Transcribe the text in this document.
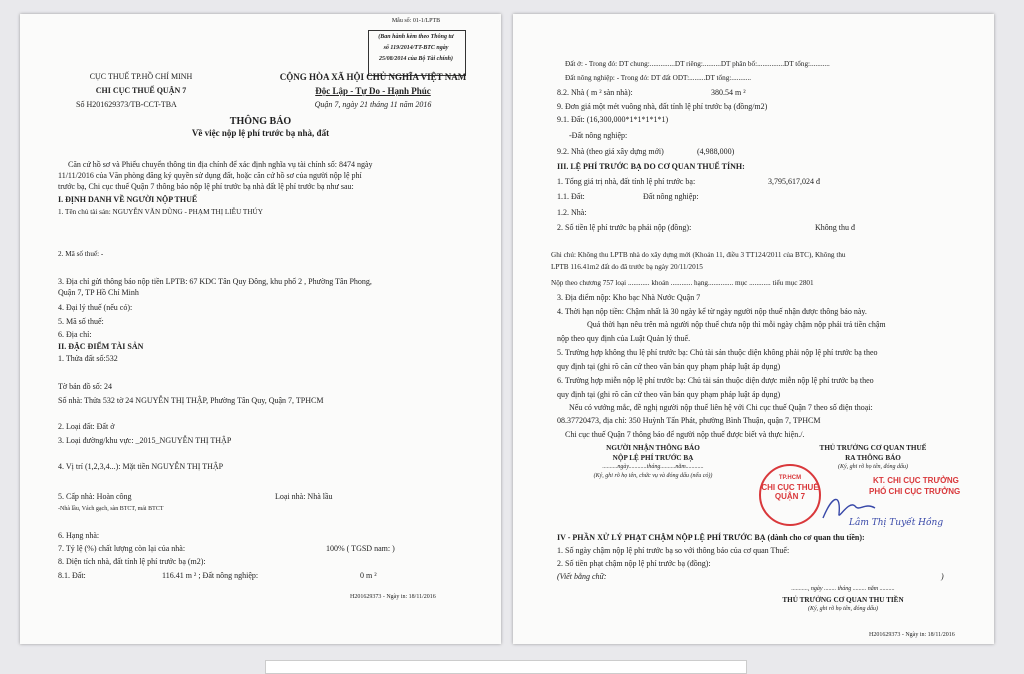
Mẫu số: 01-1/LPTB
(Ban hành kèm theo Thông tư
số 119/2014/TT-BTC ngày
25/08/2014 của Bộ Tài chính)
CỤC THUẾ TP.HỒ CHÍ MINH
CHI CỤC THUẾ QUẬN 7
Số H201629373/TB-CCT-TBA
CỘNG HÒA XÃ HỘI CHỦ NGHĨA VIỆT NAM
Độc Lập - Tự Do - Hạnh Phúc
Quận 7, ngày 21 tháng 11 năm 2016
THÔNG BÁO
Về việc nộp lệ phí trước bạ nhà, đất
Căn cứ hồ sơ và Phiếu chuyển thông tin địa chính để xác định nghĩa vụ tài chính số: 8474 ngày
11/11/2016 của Văn phòng đăng ký quyền sử dụng đất, hoặc căn cứ hồ sơ của người nộp lệ phí
trước bạ, Chi cục thuế Quận 7 thông báo nộp lệ phí trước bạ nhà đất lệ phí trước bạ như sau:
I. ĐỊNH DANH VỀ NGƯỜI NỘP THUẾ
1. Tên chủ tài sản: NGUYỄN VĂN DŨNG - PHẠM THỊ LIỄU THÚY
2. Mã số thuế: -
3. Địa chỉ gửi thông báo nộp tiền LPTB: 67 KDC Tân Quy Đông, khu phố 2 , Phường Tân Phong,
Quận 7, TP Hồ Chí Minh
4. Đại lý thuế (nếu có):
5. Mã số thuế:
6. Địa chỉ:
II. ĐẶC ĐIỂM TÀI SẢN
1. Thửa đất số:532
Tờ bản đồ số: 24
Số nhà: Thửa 532 tờ 24 NGUYỄN THỊ THẬP, Phường Tân Quy, Quận 7, TPHCM
2. Loại đất: Đất ở
3. Loại đường/khu vực: _2015_NGUYỄN THỊ THẬP
4. Vị trí (1,2,3,4...): Mặt tiền NGUYỄN THỊ THẬP
5. Cấp nhà: Hoàn công	Loại nhà: Nhà lầu
-Nhà lầu, Vách gạch, sàn BTCT, mái BTCT
6. Hạng nhà:
7. Tỷ lệ (%) chất lượng còn lại của nhà:	100% ( TGSD nam: )
8. Diện tích nhà, đất tính lệ phí trước bạ (m2):
8.1. Đất:	116.41 m ² ; Đất nông nghiệp:	0 m ²
H201629373 - Ngày in: 18/11/2016
Đất ở: - Trong đó: DT chung:..............DT riêng:..........DT phân bổ:...............DT tổng:...........
Đất nông nghiệp: - Trong đó: DT đất ODT:.........DT tổng:...........
8.2. Nhà ( m ² sàn nhà):	380.54 m ²
9. Đơn giá một mét vuông nhà, đất tính lệ phí trước bạ (đồng/m2)
9.1. Đất: (16,300,000*1*1*1*1*1)
-Đất nông nghiệp:
9.2. Nhà (theo giá xây dựng mới)	(4,988,000)
III. LỆ PHÍ TRƯỚC BẠ DO CƠ QUAN THUẾ TÍNH:
1. Tổng giá trị nhà, đất tính lệ phí trước bạ:	3,795,617,024 đ
1.1. Đất:	Đất nông nghiệp:
1.2. Nhà:
2. Số tiền lệ phí trước bạ phải nộp (đồng):	Không thu đ
Ghi chú: Không thu LPTB nhà do xây dựng mới (Khoản 11, điều 3 TT124/2011 của BTC), Không thu
LPTB 116.41m2 đất do đã trước bạ ngày 20/11/2015
Nộp theo chương 757 loại ............ khoản ............ hạng.............. mục ............ tiểu mục 2801
3. Địa điểm nộp: Kho bạc Nhà Nước Quận 7
4. Thời hạn nộp tiền: Chậm nhất là 30 ngày kể từ ngày người nộp thuế nhận được thông báo này.
Quá thời hạn nêu trên mà người nộp thuế chưa nộp thì mỗi ngày chậm nộp phải trả tiền chậm
nộp theo quy định của Luật Quản lý thuế.
5. Trường hợp không thu lệ phí trước bạ: Chủ tài sản thuộc diện không phải nộp lệ phí trước bạ theo
quy định tại (ghi rõ căn cứ theo văn bản quy phạm pháp luật áp dụng)
6. Trường hợp miễn nộp lệ phí trước bạ: Chủ tài sản thuộc diện được miễn nộp lệ phí trước bạ theo
quy định tại (ghi rõ căn cứ theo văn bản quy phạm pháp luật áp dụng)
Nếu có vướng mắc, đề nghị người nộp thuế liên hệ với Chi cục thuế Quận 7 theo số điện thoại:
08.37720473, địa chỉ: 350 Huỳnh Tấn Phát, phường Bình Thuận, quận 7, TPHCM
Chi cục thuế Quận 7 thông báo để người nộp thuế được biết và thực hiện./.
NGƯỜI NHẬN THÔNG BÁO
NỘP LỆ PHÍ TRƯỚC BẠ
..........ngày............tháng..........năm............
(Ký, ghi rõ họ tên, chức vụ và đóng dấu (nếu có))
THỦ TRƯỞNG CƠ QUAN THUẾ
RA THÔNG BÁO
(Ký, ghi rõ họ tên, đóng dấu)
TP.HCM
CHI CỤC THUẾ QUẬN 7
KT. CHI CỤC TRƯỞNG
PHÓ CHI CỤC TRƯỞNG
Lâm Thị Tuyết Hồng
IV - PHẦN XỬ LÝ PHẠT CHẬM NỘP LỆ PHÍ TRƯỚC BẠ (dành cho cơ quan thu tiền):
1. Số ngày chậm nộp lệ phí trước bạ so với thông báo của cơ quan Thuế:
2. Số tiền phạt chậm nộp lệ phí trước bạ (đồng):
(Viết bằng chữ:	)
..........., ngày ........ tháng ......... năm ..........
THỦ TRƯỞNG CƠ QUAN THU TIỀN
(Ký, ghi rõ họ tên, đóng dấu)
H201629373 - Ngày in: 18/11/2016
